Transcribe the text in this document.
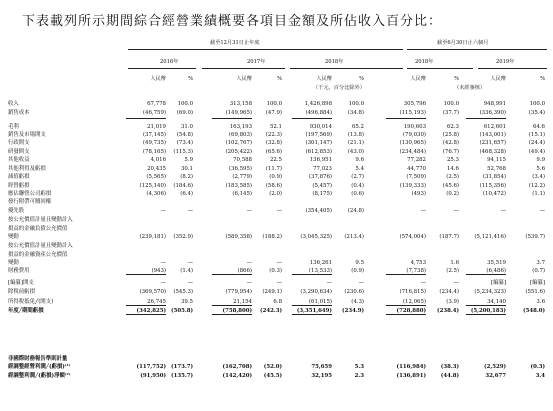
下表載列所示期間綜合經營業績概要各項目金額及所佔收入百分比：
截至12月31日止年度	截至6月30日止六個月
2016年	2017年	2018年	2018年	2019年
人民幣	%	人民幣	%	人民幣	%	人民幣	%	人民幣	%
（千元，百分比除外）	（未經審核）
收入	67,778	100.0	313,158	100.0	1,426,898	100.0	305,796	100.0	948,991	100.0
銷售成本	(46,759)	(69.0)	(149,965)	(47.9)	(496,884)	(34.8)	(115,193)	(37.7)	(336,390)	(35.4)
毛利	21,019	31.0	163,193	52.1	930,014	65.2	190,603	62.3	612,601	64.6
銷售及市場開支	(37,145)	(54.8)	(69,803)	(22.3)	(197,569)	(13.8)	(79,030)	(25.8)	(143,001)	(15.1)
行政開支	(49,735)	(73.4)	(102,767)	(32.8)	(301,147)	(21.1)	(130,965)	(42.8)	(231,657)	(24.4)
研發開支	(78,165)	(115.3)	(205,422)	(65.6)	(612,853)	(43.0)	(234,484)	(76.7)	(468,328)	(49.4)
其他收益	4,016	5.9	70,588	22.5	136,951	9.6	77,282	25.3	94,115	9.9
其他利得及虧損	20,435	30.1	(36,595)	(11.7)	77,023	5.4	44,770	14.6	52,768	5.6
減值虧損	(5,565)	(8.2)	(2,779)	(0.9)	(37,876)	(2.7)	(7,509)	(2.5)	(31,854)	(3.4)
經營虧損	(125,140)	(184.6)	(183,585)	(58.6)	(5,457)	(0.4)	(139,333)	(45.6)	(115,356)	(12.2)
應佔聯營公司虧損	(4,306)	(6.4)	(6,145)	(2.0)	(8,175)	(0.6)	(493)	(0.2)	(10,472)	(1.1)
發行附帶可贖回權
優先股	—	—	—	—	(354,405)	(24.8)	—	—	—	—
按公允價值計量且變動計入
損益的金融負債公允價值
變動	(239,181)	(352.9)	(589,358)	(188.2)	(3,045,325)	(213.4)	(574,004)	(187.7)	(5,121,416)	(539.7)
按公允價值計量且變動計入
損益的金融資產公允價值
變動	—	—	—	—	136,261	9.5	4,753	1.6	35,519	3.7
財務費用	(943)	(1.4)	(866)	(0.3)	(13,533)	(0.9)	(7,738)	(2.5)	(6,486)	(0.7)
[編纂]開支	—	—	—	—	—	—	—	—	[編纂]	[編纂]
除稅前虧損	(369,570)	(545.3)	(779,954)	(249.1)	(3,290,634)	(230.6)	(716,815)	(234.4)	(5,234,323)	(551.6)
所得稅抵免╱(開支)	26,745	39.5	21,154	6.8	(61,015)	(4.3)	(12,065)	(3.9)	34,140	3.6
年度╱期間虧損	(342,825) (505.8)	(758,800)	(242.3)	(3,351,649)	(234.9)	(728,880)	(238.4)	(5,200,183)	(548.0)
非國際財務報告準則計量
經調整經營利潤╱(虧損)⁽¹⁾	(117,752) (173.7)	(162,708)	(52.0)	75,659	5.3	(116,984)	(38.3)	(2,529)	(0.3)
經調整利潤╱(虧損)淨額⁽²⁾	(91,950) (135.7)	(142,420)	(45.5)	32,195	2.3	(136,891)	(44.8)	32,677	3.4
